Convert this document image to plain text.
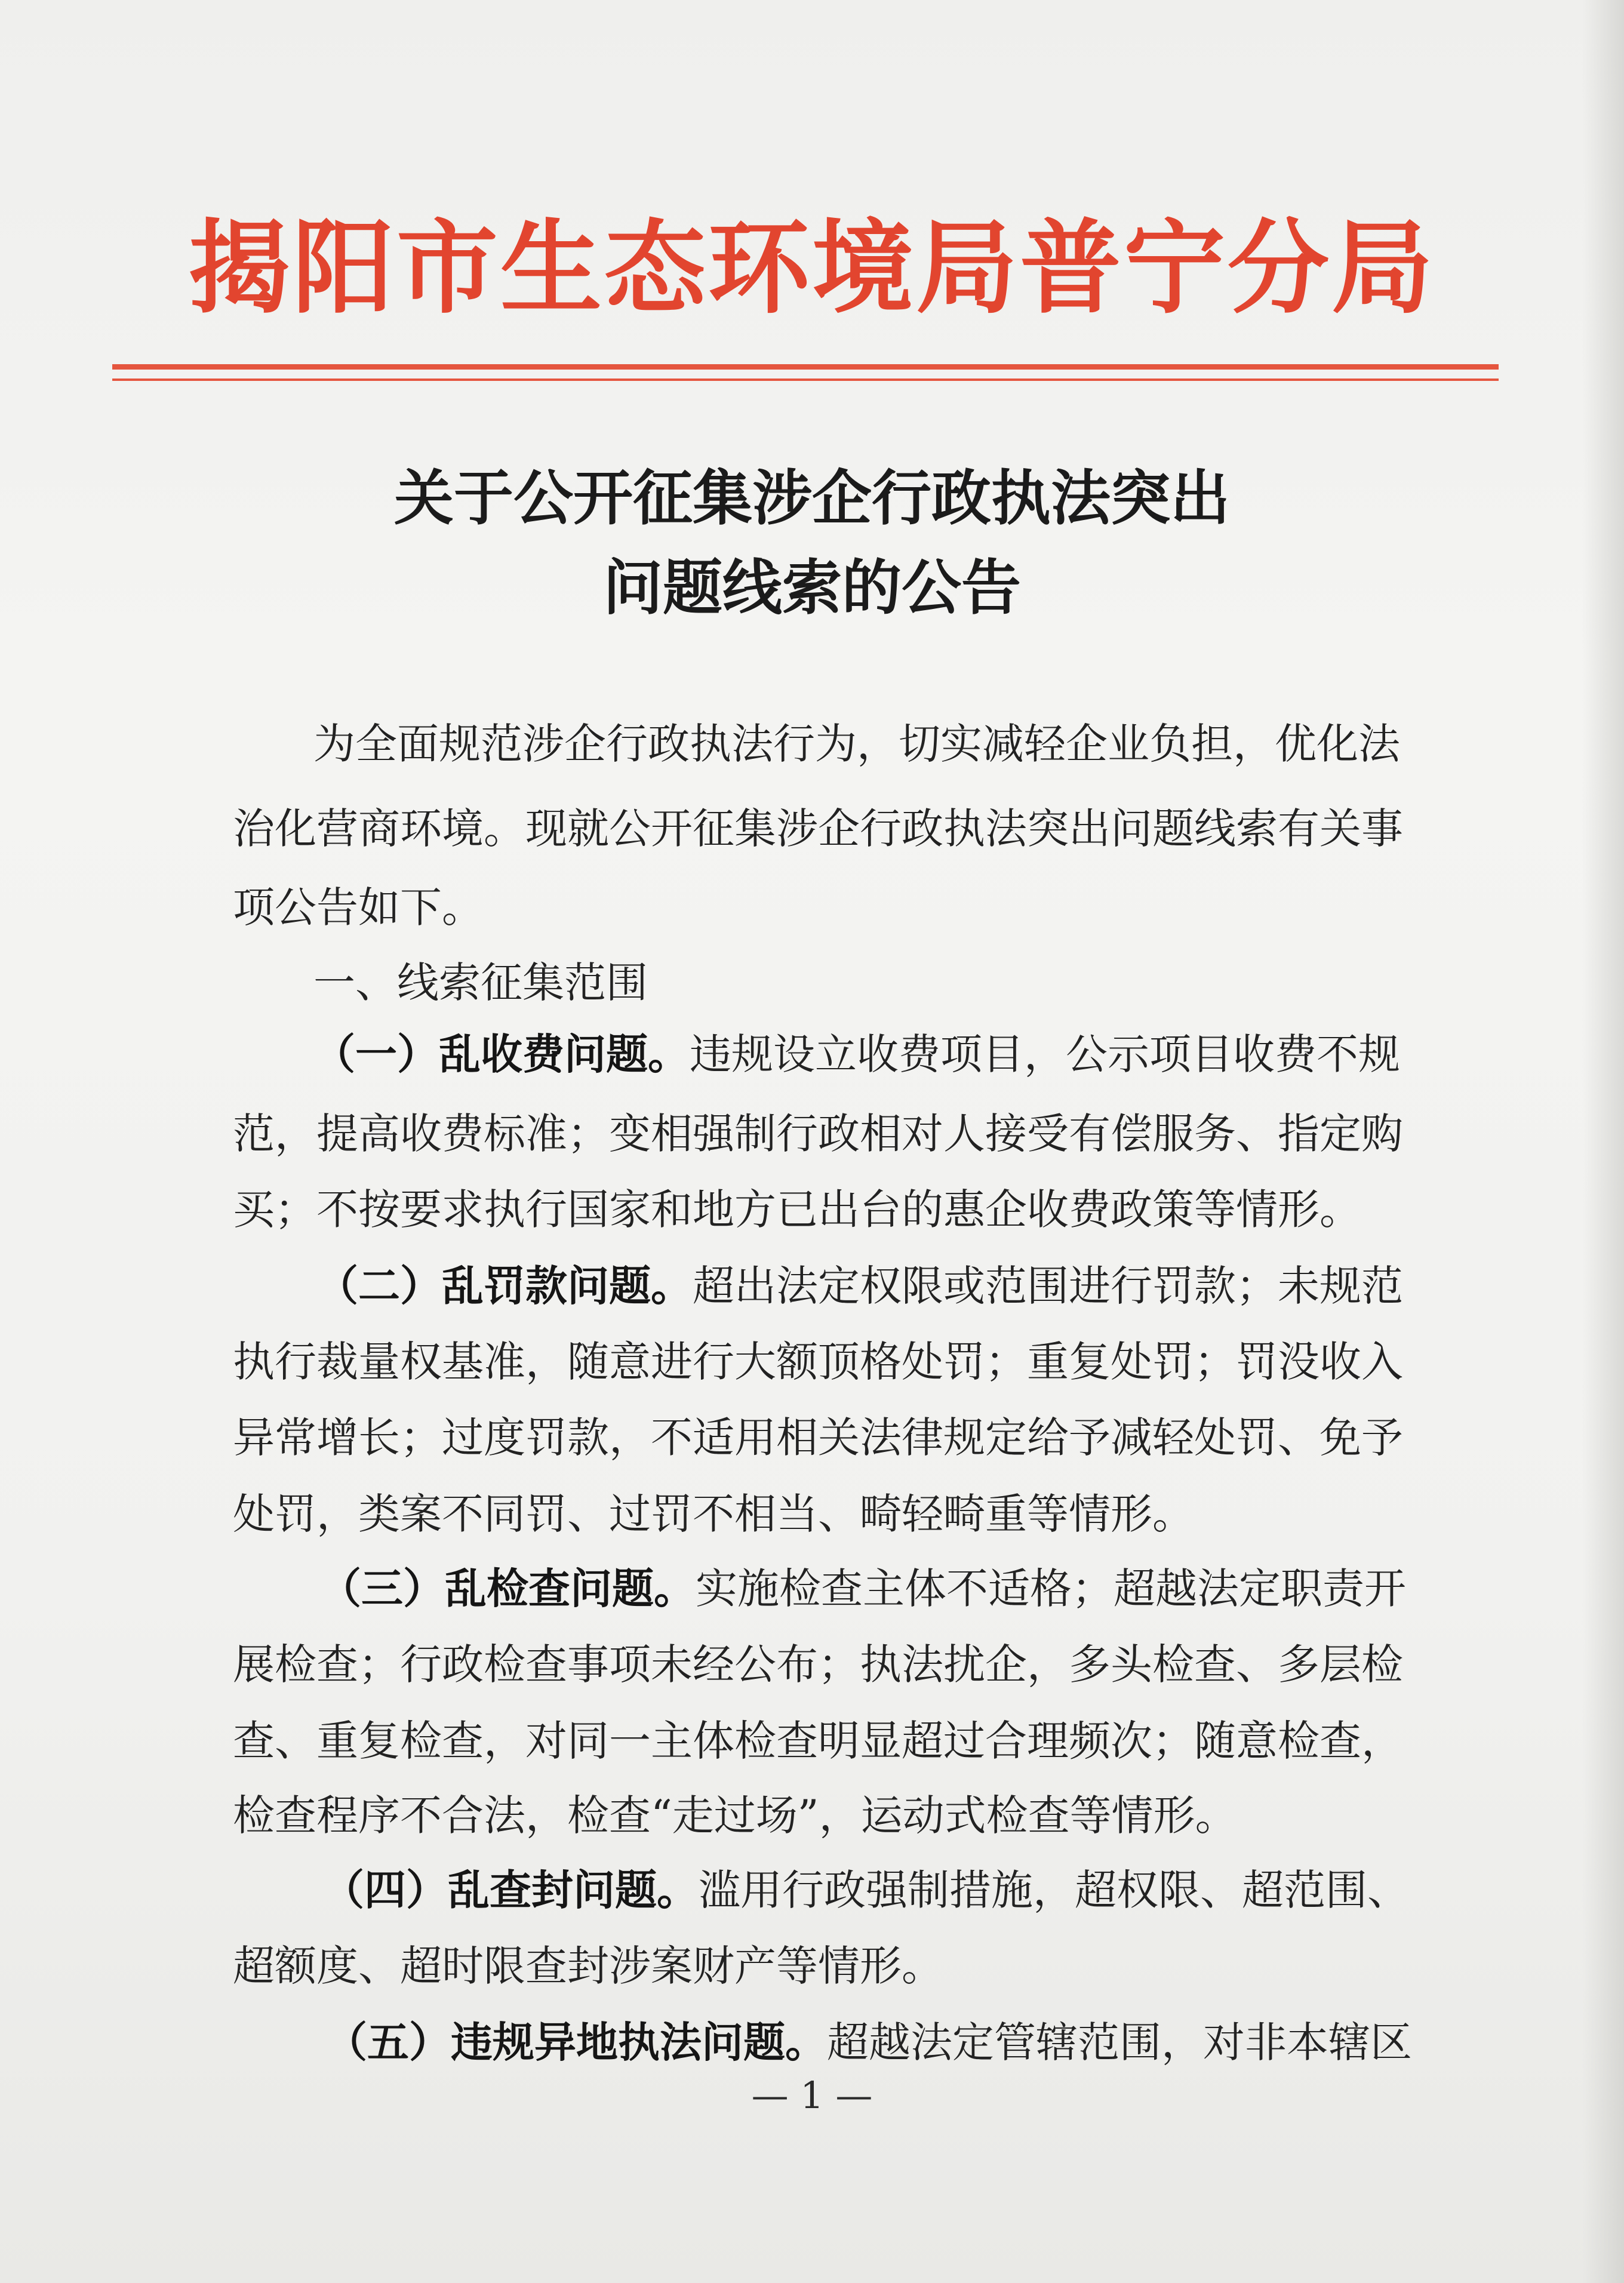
揭阳市生态环境局普宁分局
关于公开征集涉企行政执法突出
问题线索的公告
为全面规范涉企行政执法行为，切实减轻企业负担，优化法
治化营商环境。现就公开征集涉企行政执法突出问题线索有关事
项公告如下。
一、线索征集范围
（一）乱收费问题。违规设立收费项目，公示项目收费不规
范，提高收费标准；变相强制行政相对人接受有偿服务、指定购
买；不按要求执行国家和地方已出台的惠企收费政策等情形。
（二）乱罚款问题。超出法定权限或范围进行罚款；未规范
执行裁量权基准，随意进行大额顶格处罚；重复处罚；罚没收入
异常增长；过度罚款，不适用相关法律规定给予减轻处罚、免予
处罚，类案不同罚、过罚不相当、畸轻畸重等情形。
（三）乱检查问题。实施检查主体不适格；超越法定职责开
展检查；行政检查事项未经公布；执法扰企，多头检查、多层检
查、重复检查，对同一主体检查明显超过合理频次；随意检查，
检查程序不合法，检查“走过场”，运动式检查等情形。
（四）乱查封问题。滥用行政强制措施，超权限、超范围、
超额度、超时限查封涉案财产等情形。
（五）违规异地执法问题。超越法定管辖范围，对非本辖区
— 1 —
